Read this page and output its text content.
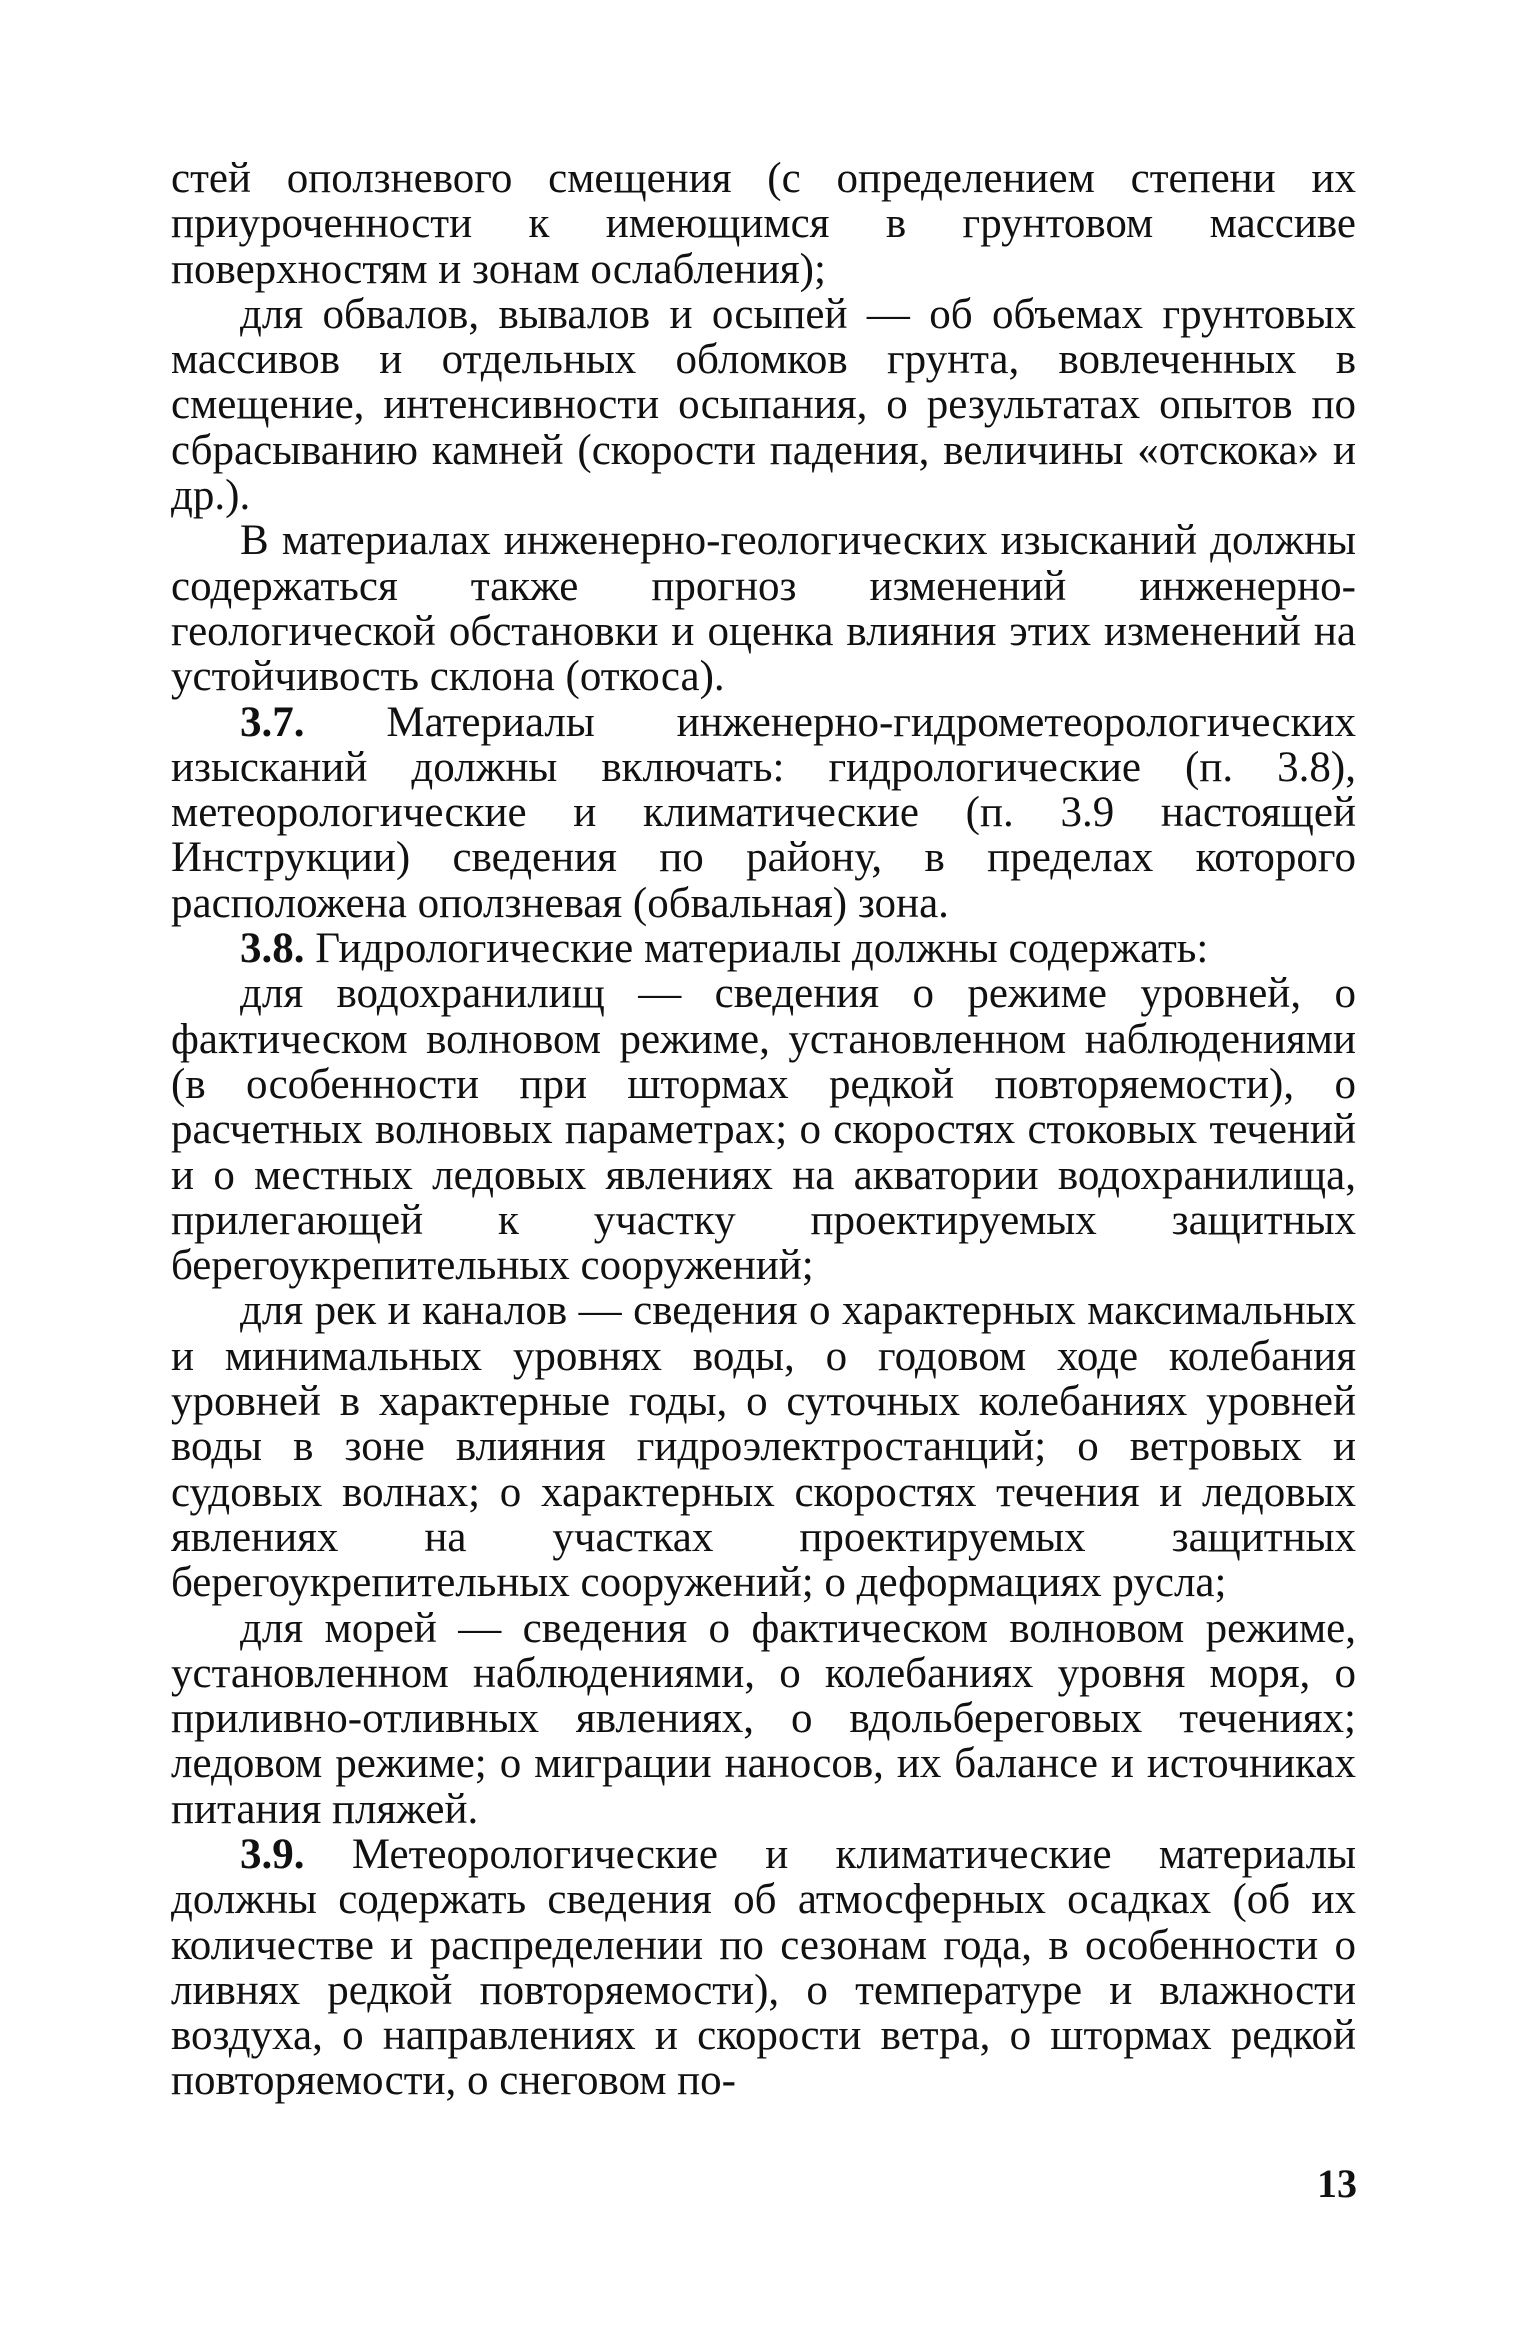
стей оползневого смещения (с определением степени их приуроченности к имеющимся в грунтовом массиве поверхностям и зонам ослабления);

для обвалов, вывалов и осыпей — об объемах грунтовых массивов и отдельных обломков грунта, вовлеченных в смещение, интенсивности осыпания, о результатах опытов по сбрасыванию камней (скорости падения, величины «отскока» и др.).

В материалах инженерно-геологических изысканий должны содержаться также прогноз изменений инженерно-геологической обстановки и оценка влияния этих изменений на устойчивость склона (откоса).

3.7. Материалы инженерно-гидрометеорологических изысканий должны включать: гидрологические (п. 3.8), метеорологические и климатические (п. 3.9 настоящей Инструкции) сведения по району, в пределах которого расположена оползневая (обвальная) зона.

3.8. Гидрологические материалы должны содержать:

для водохранилищ — сведения о режиме уровней, о фактическом волновом режиме, установленном наблюдениями (в особенности при штормах редкой повторяемости), о расчетных волновых параметрах; о скоростях стоковых течений и о местных ледовых явлениях на акватории водохранилища, прилегающей к участку проектируемых защитных берегоукрепительных сооружений;

для рек и каналов — сведения о характерных максимальных и минимальных уровнях воды, о годовом ходе колебания уровней в характерные годы, о суточных колебаниях уровней воды в зоне влияния гидроэлектростанций; о ветровых и судовых волнах; о характерных скоростях течения и ледовых явлениях на участках проектируемых защитных берегоукрепительных сооружений; о деформациях русла;

для морей — сведения о фактическом волновом режиме, установленном наблюдениями, о колебаниях уровня моря, о приливно-отливных явлениях, о вдольбереговых течениях; ледовом режиме; о миграции наносов, их балансе и источниках питания пляжей.

3.9. Метеорологические и климатические материалы должны содержать сведения об атмосферных осадках (об их количестве и распределении по сезонам года, в особенности о ливнях редкой повторяемости), о температуре и влажности воздуха, о направлениях и скорости ветра, о штормах редкой повторяемости, о снеговом по-

13
